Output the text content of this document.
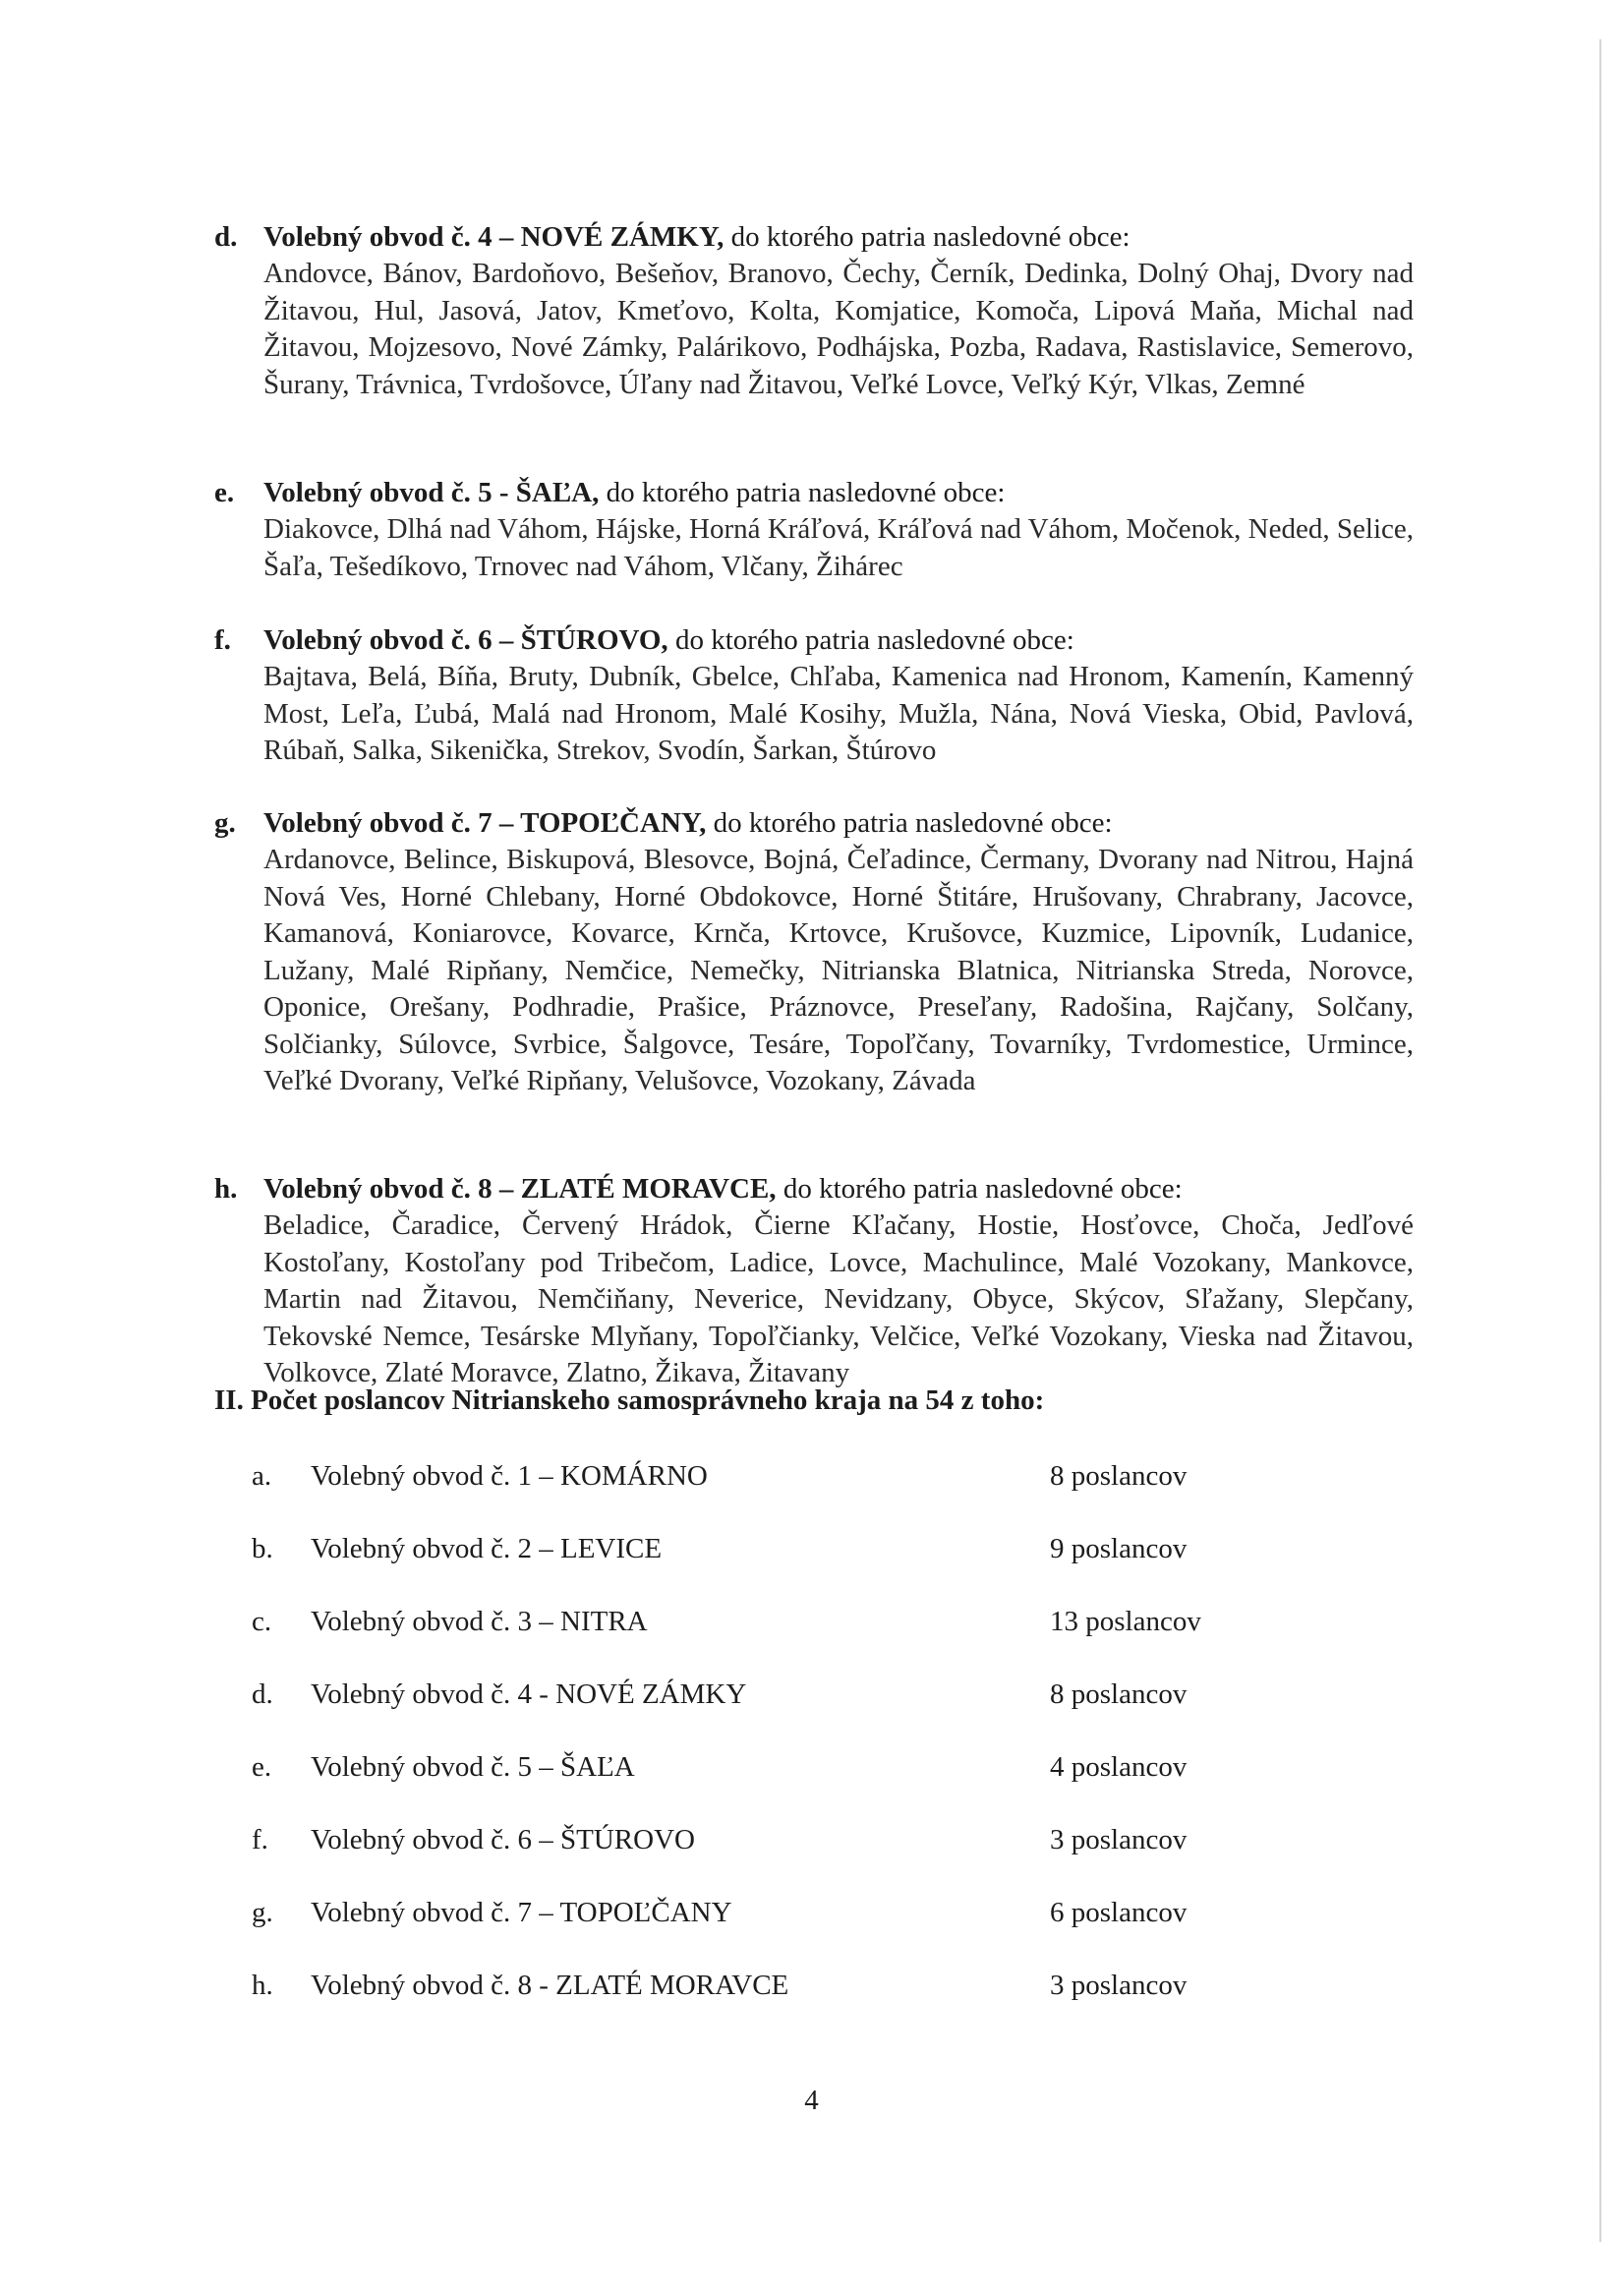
d. Volebný obvod č. 4 – NOVÉ ZÁMKY, do ktorého patria nasledovné obce:
Andovce, Bánov, Bardoňovo, Bešeňov, Branovo, Čechy, Černík, Dedinka, Dolný Ohaj, Dvory nad Žitavou, Hul, Jasová, Jatov, Kmeťovo, Kolta, Komjatice, Komoča, Lipová Maňa, Michal nad Žitavou, Mojzesovo, Nové Zámky, Palárikovo, Podhájska, Pozba, Radava, Rastislavice, Semerovo, Šurany, Trávnica, Tvrdošovce, Úľany nad Žitavou, Veľké Lovce, Veľký Kýr, Vlkas, Zemné
e. Volebný obvod č. 5 - ŠAĽA, do ktorého patria nasledovné obce:
Diakovce, Dlhá nad Váhom, Hájske, Horná Kráľová, Kráľová nad Váhom, Močenok, Neded, Selice, Šaľa, Tešedíkovo, Trnovec nad Váhom, Vlčany, Žihárec
f. Volebný obvod č. 6 – ŠTÚROVO, do ktorého patria nasledovné obce:
Bajtava, Belá, Bíňa, Bruty, Dubník, Gbelce, Chľaba, Kamenica nad Hronom, Kamenín, Kamenný Most, Leľa, Ľubá, Malá nad Hronom, Malé Kosihy, Mužla, Nána, Nová Vieska, Obid, Pavlová, Rúbaň, Salka, Sikenička, Strekov, Svodín, Šarkan, Štúrovo
g. Volebný obvod č. 7 – TOPOĽČANY, do ktorého patria nasledovné obce:
Ardanovce, Belince, Biskupová, Blesovce, Bojná, Čeľadince, Čermany, Dvorany nad Nitrou, Hajná Nová Ves, Horné Chlebany, Horné Obdokovce, Horné Štitáre, Hrušovany, Chrabrany, Jacovce, Kamanová, Koniarovce, Kovarce, Krnča, Krtovce, Krušovce, Kuzmice, Lipovník, Ludanice, Lužany, Malé Ripňany, Nemčice, Nemečky, Nitrianska Blatnica, Nitrianska Streda, Norovce, Oponice, Orešany, Podhradie, Prašice, Práznovce, Preseľany, Radošina, Rajčany, Solčany, Solčianky, Súlovce, Svrbice, Šalgovce, Tesáre, Topoľčany, Tovarníky, Tvrdomestice, Urmince, Veľké Dvorany, Veľké Ripňany, Velušovce, Vozokany, Závada
h. Volebný obvod č. 8 – ZLATÉ MORAVCE, do ktorého patria nasledovné obce:
Beladice, Čaradice, Červený Hrádok, Čierne Kľačany, Hostie, Hosťovce, Choča, Jedľové Kostoľany, Kostoľany pod Tribečom, Ladice, Lovce, Machulince, Malé Vozokany, Mankovce, Martin nad Žitavou, Nemčiňany, Neverice, Nevidzany, Obyce, Skýcov, Sľažany, Slepčany, Tekovské Nemce, Tesárske Mlyňany, Topoľčianky, Velčice, Veľké Vozokany, Vieska nad Žitavou, Volkovce, Zlaté Moravce, Zlatno, Žikava, Žitavany
II. Počet poslancov Nitrianskeho samosprávneho kraja na 54 z toho:
a. Volebný obvod č. 1 – KOMÁRNO	8 poslancov
b. Volebný obvod č. 2 – LEVICE	9 poslancov
c. Volebný obvod č. 3 – NITRA	13 poslancov
d. Volebný obvod č. 4 - NOVÉ ZÁMKY	8 poslancov
e. Volebný obvod č. 5 – ŠAĽA	4 poslancov
f. Volebný obvod č. 6 – ŠTÚROVO	3 poslancov
g. Volebný obvod č. 7 – TOPOĽČANY	6 poslancov
h. Volebný obvod č. 8 - ZLATÉ MORAVCE	3 poslancov
4
